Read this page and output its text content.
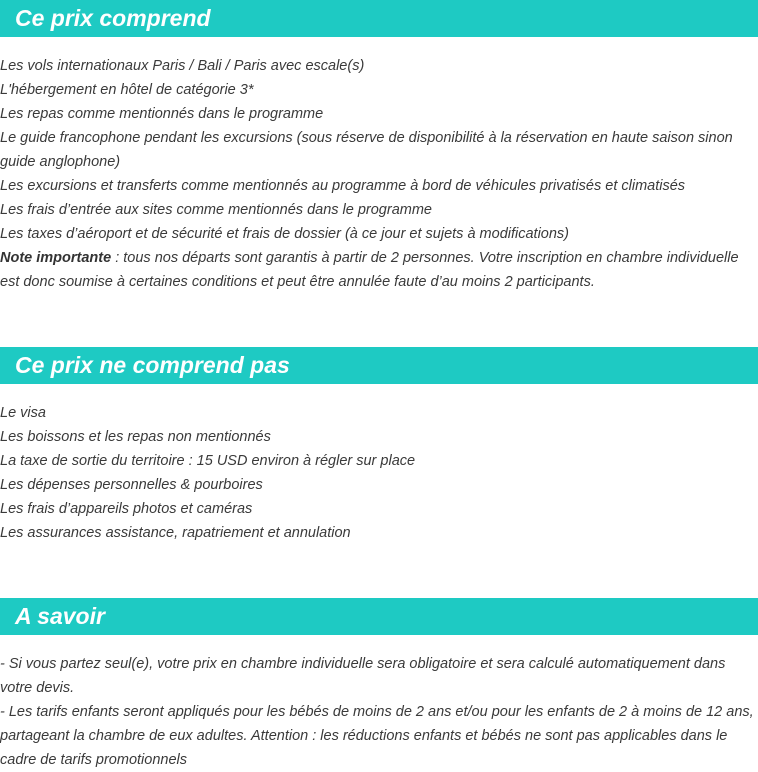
Ce prix comprend

Les vols internationaux Paris / Bali / Paris avec escale(s)

L'hébergement en hôtel de catégorie 3*

Les repas comme mentionnés dans le programme

Le guide francophone pendant les excursions (sous réserve de disponibilité à la réservation en haute saison sinon guide anglophone)

Les excursions et transferts comme mentionnés au programme à bord de véhicules privatisés et climatisés

Les frais d’entrée aux sites comme mentionnés dans le programme

Les taxes d’aéroport et de sécurité et frais de dossier (à ce jour et sujets à modifications)

Note importante : tous nos départs sont garantis à partir de 2 personnes. Votre inscription en chambre individuelle est donc soumise à certaines conditions et peut être annulée faute d’au moins 2 participants.

Ce prix ne comprend pas

Le visa

Les boissons et les repas non mentionnés

La taxe de sortie du territoire : 15 USD environ à régler sur place

Les dépenses personnelles & pourboires

Les frais d’appareils photos et caméras

Les assurances assistance, rapatriement et annulation

A savoir

- Si vous partez seul(e), votre prix en chambre individuelle sera obligatoire et sera calculé automatiquement dans votre devis.

- Les tarifs enfants seront appliqués pour les bébés de moins de 2 ans et/ou pour les enfants de 2 à moins de 12 ans, partageant la chambre de eux adultes. Attention : les réductions enfants et bébés ne sont pas applicables dans le cadre de tarifs promotionnels
